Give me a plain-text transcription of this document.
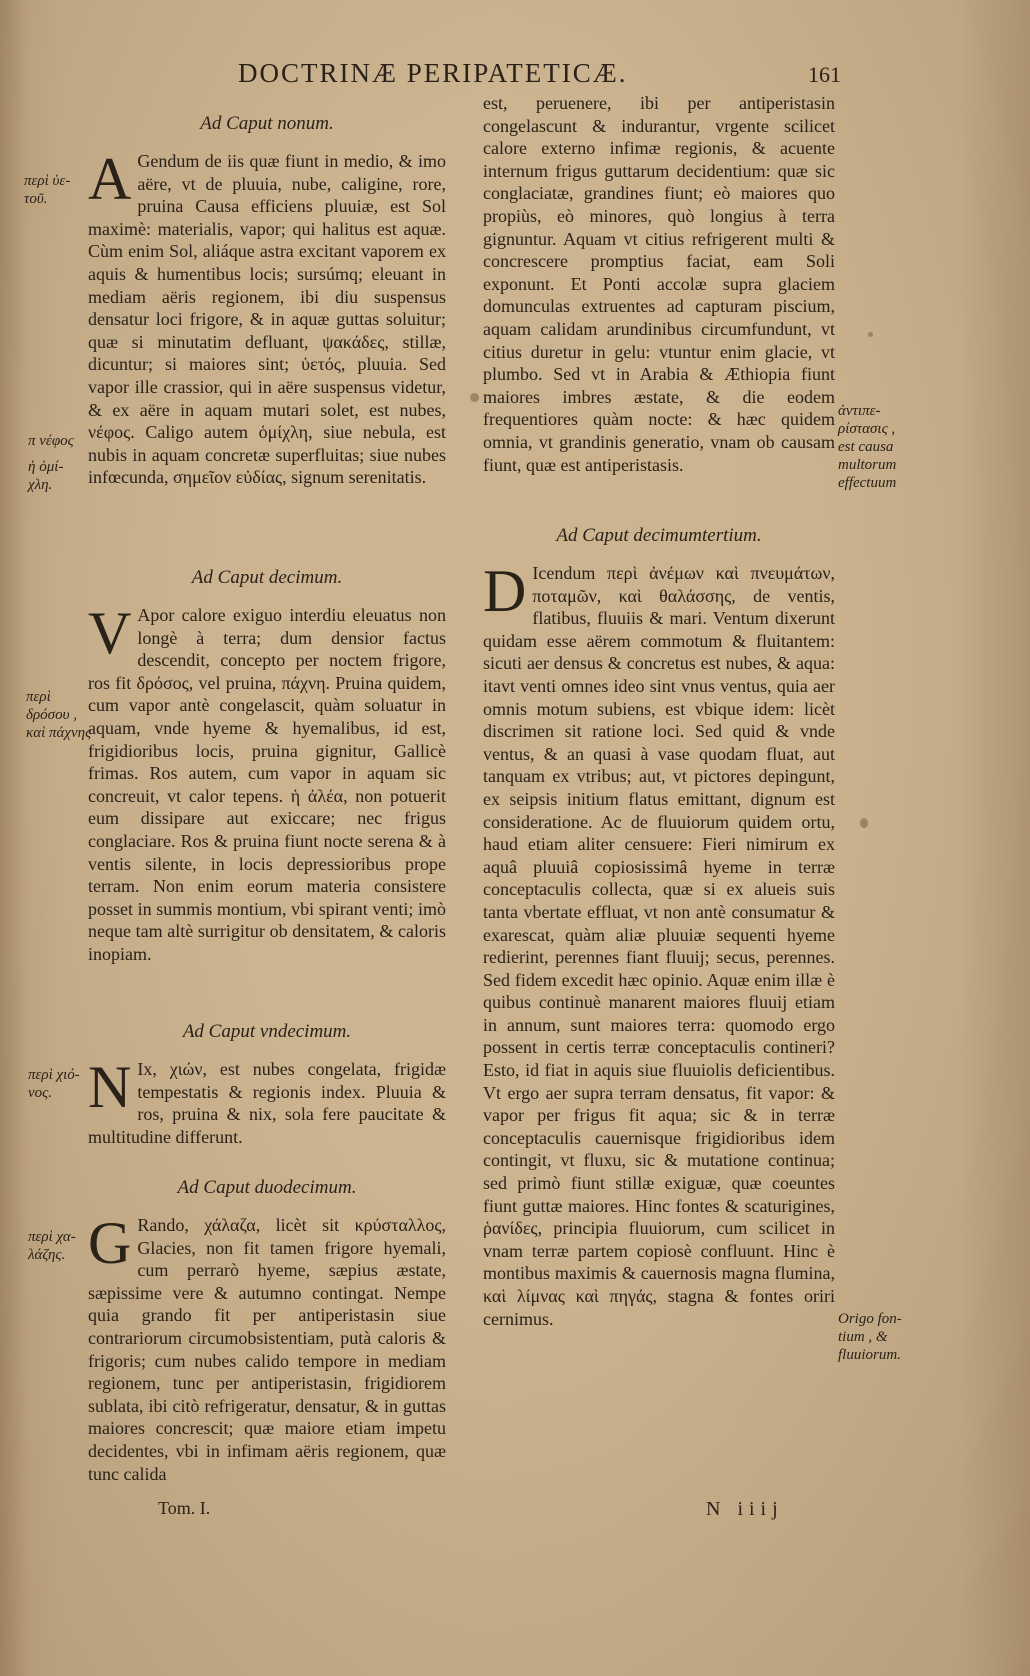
DOCTRINÆ PERIPATETICÆ.	161
Ad Caput nonum.

A Gendum de iis quæ fiunt in medio, & imo aëre, vt de pluuia, nube, caligine, rore, pruina Causa efficiens pluuiæ, est Sol maximè: materialis, vapor; qui halitus est aquæ. Cùm enim Sol, aliáque astra excitant vaporem ex aquis & humentibus locis; sursúmq; eleuant in mediam aëris regionem, ibi diu suspensus densatur loci frigore, & in aquæ guttas soluitur; quæ si minutatim defluant, ψακάδες, stillæ, dicuntur; si maiores sint; ὑετός, pluuia. Sed vapor ille crassior, qui in aëre suspensus videtur, & ex aëre in aquam mutari solet, est nubes, νέφος. Caligo autem ὁμίχλη, siue nebula, est nubis in aquam concretæ superfluitas; siue nubes infœcunda, σημεῖον εὐδίας, signum serenitatis.

Ad Caput decimum.

V Apor calore exiguo interdiu eleuatus non longè à terra; dum densior factus descendit, concepto per noctem frigore, ros fit δρόσος, vel pruina, πάχνη. Pruina quidem, cum vapor antè congelascit, quàm soluatur in aquam, vnde hyeme & hyemalibus, id est, frigidioribus locis, pruina gignitur, Gallicè frimas. Ros autem, cum vapor in aquam sic concreuit, vt calor tepens. ἡ ἀλέα, non potuerit eum dissipare aut exiccare; nec frigus conglaciare. Ros & pruina fiunt nocte serena & à ventis silente, in locis depressioribus prope terram. Non enim eorum materia consistere posset in summis montium, vbi spirant venti; imò neque tam altè surrigitur ob densitatem, & caloris inopiam.

Ad Caput vndecimum.

N Ix, χιών, est nubes congelata, frigidæ tempestatis & regionis index. Pluuia & ros, pruina & nix, sola fere paucitate & multitudine differunt.

Ad Caput duodecimum.

G Rando, χάλαζα, licèt sit κρύσταλλος, Glacies, non fit tamen frigore hyemali, cum perrarò hyeme, sæpius æstate, sæpissime vere & autumno contingat. Nempe quia grando fit per antiperistasin siue contrariorum circumobsistentiam, putà caloris & frigoris; cum nubes calido tempore in mediam regionem, tunc per antiperistasin, frigidiorem sublata, ibi citò refrigeratur, densatur, & in guttas maiores concrescit; quæ maiore etiam impetu decidentes, vbi in infimam aëris regionem, quæ tunc calida

est, peruenere, ibi per antiperistasin congelascunt & indurantur, vrgente scilicet calore externo infimæ regionis, & acuente internum frigus guttarum decidentium: quæ sic conglaciatæ, grandines fiunt; eò maiores quo propiùs, eò minores, quò longius à terra gignuntur. Aquam vt citius refrigerent multi & concrescere promptius faciat, eam Soli exponunt. Et Ponti accolæ supra glaciem domunculas extruentes ad capturam piscium, aquam calidam arundinibus circumfundunt, vt citius duretur in gelu: vtuntur enim glacie, vt plumbo. Sed vt in Arabia & Æthiopia fiunt maiores imbres æstate, & die eodem frequentiores quàm nocte: & hæc quidem omnia, vt grandinis generatio, vnam ob causam fiunt, quæ est antiperistasis.

Ad Caput decimumtertium.

D Icendum περὶ ἀνέμων καὶ πνευμάτων, ποταμῶν, καὶ θαλάσσης, de ventis, flatibus, fluuiis & mari. Ventum dixerunt quidam esse aërem commotum & fluitantem: sicuti aer densus & concretus est nubes, & aqua: itavt venti omnes ideo sint vnus ventus, quia aer omnis motum subiens, est vbique idem: licèt discrimen sit ratione loci. Sed quid & vnde ventus, & an quasi à vase quodam fluat, aut tanquam ex vtribus; aut, vt pictores depingunt, ex seipsis initium flatus emittant, dignum est consideratione. Ac de fluuiorum quidem ortu, haud etiam aliter censuere: Fieri nimirum ex aquâ pluuiâ copiosissimâ hyeme in terræ conceptaculis collecta, quæ si ex alueis suis tanta vbertate effluat, vt non antè consumatur & exarescat, quàm aliæ pluuiæ sequenti hyeme redierint, perennes fiant fluuij; secus, perennes. Sed fidem excedit hæc opinio. Aquæ enim illæ è quibus continuè manarent maiores fluuij etiam in annum, sunt maiores terra: quomodo ergo possent in certis terræ conceptaculis contineri? Esto, id fiat in aquis siue fluuiolis deficientibus. Vt ergo aer supra terram densatus, fit vapor: & vapor per frigus fit aqua; sic & in terræ conceptaculis cauernisque frigidioribus idem contingit, vt fluxu, sic & mutatione continua; sed primò fiunt stillæ exiguæ, quæ coeuntes fiunt guttæ maiores. Hinc fontes & scaturigines, ῥανίδες, principia fluuiorum, cum scilicet in vnam terræ partem copiosè confluunt. Hinc è montibus maximis & cauernosis magna flumina, καὶ λίμνας καὶ πηγάς, stagna & fontes oriri cernimus.

περὶ ὑε-
τοῦ.
π νέφος
ἡ ὁμί-
χλη.
περὶ
δρόσου ,
καὶ πάχνης
περὶ χιό-
νος.
περὶ χα-
λάζης.
ἀντιπε-
ρίστασις ,
est causa
multorum
effectuum
Origo fon-
tium , &
fluuiorum.
Tom. I.	N iiij
